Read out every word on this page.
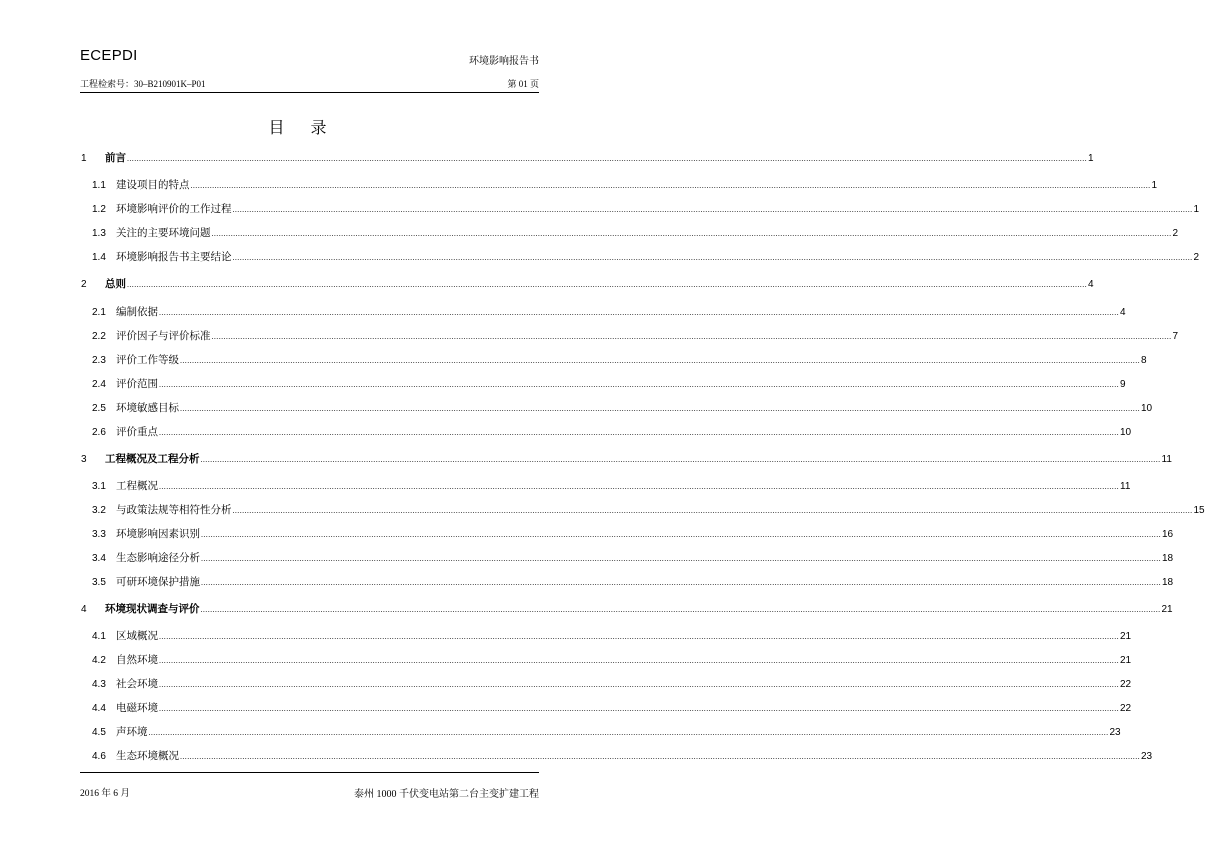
ECEPDI	环境影响报告书
工程检索号：30–B210901K–P01	第 01 页
目录
1	前言 ................................................................................................................................................................................................................................................................................................................................................................................................................ 1
1.1 建设项目的特点 ................................................................................................................................................................................................................................................................................................................................................................................................................ 1
1.2 环境影响评价的工作过程 ................................................................................................................................................................................................................................................................................................................................................................................................................ 1
1.3 关注的主要环境问题 ................................................................................................................................................................................................................................................................................................................................................................................................................ 2
1.4 环境影响报告书主要结论 ................................................................................................................................................................................................................................................................................................................................................................................................................ 2
2	总则 ................................................................................................................................................................................................................................................................................................................................................................................................................ 4
2.1 编制依据 ................................................................................................................................................................................................................................................................................................................................................................................................................ 4
2.2 评价因子与评价标准 ................................................................................................................................................................................................................................................................................................................................................................................................................ 7
2.3 评价工作等级 ................................................................................................................................................................................................................................................................................................................................................................................................................ 8
2.4 评价范围 ................................................................................................................................................................................................................................................................................................................................................................................................................ 9
2.5 环境敏感目标 ................................................................................................................................................................................................................................................................................................................................................................................................................ 10
2.6 评价重点 ................................................................................................................................................................................................................................................................................................................................................................................................................ 10
3	工程概况及工程分析 ................................................................................................................................................................................................................................................................................................................................................................................................................ 11
3.1 工程概况 ................................................................................................................................................................................................................................................................................................................................................................................................................ 11
3.2 与政策法规等相符性分析 ................................................................................................................................................................................................................................................................................................................................................................................................................ 15
3.3 环境影响因素识别 ................................................................................................................................................................................................................................................................................................................................................................................................................ 16
3.4 生态影响途径分析 ................................................................................................................................................................................................................................................................................................................................................................................................................ 18
3.5 可研环境保护措施 ................................................................................................................................................................................................................................................................................................................................................................................................................ 18
4	环境现状调查与评价 ................................................................................................................................................................................................................................................................................................................................................................................................................ 21
4.1 区域概况 ................................................................................................................................................................................................................................................................................................................................................................................................................ 21
4.2 自然环境 ................................................................................................................................................................................................................................................................................................................................................................................................................ 21
4.3 社会环境 ................................................................................................................................................................................................................................................................................................................................................................................................................ 22
4.4 电磁环境 ................................................................................................................................................................................................................................................................................................................................................................................................................ 22
4.5 声环境 ................................................................................................................................................................................................................................................................................................................................................................................................................ 23
4.6 生态环境概况 ................................................................................................................................................................................................................................................................................................................................................................................................................ 23
2016 年 6 月	泰州 1000 千伏变电站第二台主变扩建工程
